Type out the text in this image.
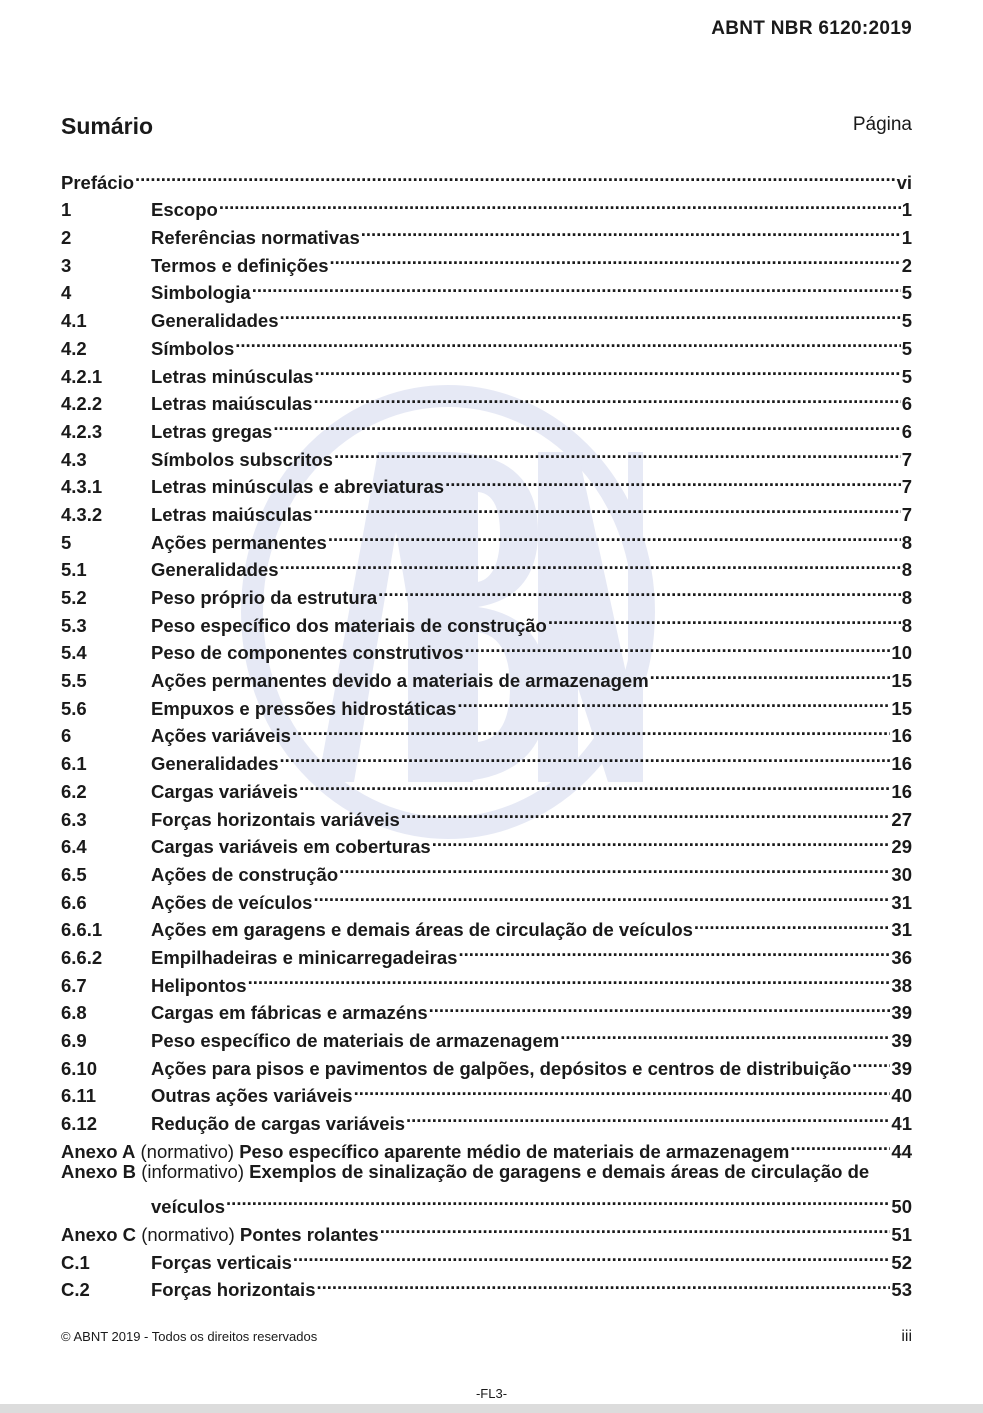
ABNT NBR 6120:2019
Sumário	Página
Prefácio .....	vi
1	Escopo .....	1
2	Referências normativas .....	1
3	Termos e definições .....	2
4	Simbologia .....	5
4.1	Generalidades .....	5
4.2	Símbolos .....	5
4.2.1	Letras minúsculas .....	5
4.2.2	Letras maiúsculas .....	6
4.2.3	Letras gregas .....	6
4.3	Símbolos subscritos .....	7
4.3.1	Letras minúsculas e abreviaturas .....	7
4.3.2	Letras maiúsculas .....	7
5	Ações permanentes .....	8
5.1	Generalidades .....	8
5.2	Peso próprio da estrutura .....	8
5.3	Peso específico dos materiais de construção .....	8
5.4	Peso de componentes construtivos .....	10
5.5	Ações permanentes devido a materiais de armazenagem .....	15
5.6	Empuxos e pressões hidrostáticas .....	15
6	Ações variáveis .....	16
6.1	Generalidades .....	16
6.2	Cargas variáveis .....	16
6.3	Forças horizontais variáveis .....	27
6.4	Cargas variáveis em coberturas .....	29
6.5	Ações de construção .....	30
6.6	Ações de veículos .....	31
6.6.1	Ações em garagens e demais áreas de circulação de veículos .....	31
6.6.2	Empilhadeiras e minicarregadeiras .....	36
6.7	Helipontos .....	38
6.8	Cargas em fábricas e armazéns .....	39
6.9	Peso específico de materiais de armazenagem .....	39
6.10	Ações para pisos e pavimentos de galpões, depósitos e centros de distribuição ..... 39
6.11	Outras ações variáveis .....	40
6.12	Redução de cargas variáveis .....	41
Anexo A (normativo) Peso específico aparente médio de materiais de armazenagem .....	44
Anexo B (informativo) Exemplos de sinalização de garagens e demais áreas de circulação de
veículos .....	50
Anexo C (normativo) Pontes rolantes .....	51
C.1	Forças verticais .....	52
C.2	Forças horizontais .....	53
© ABNT 2019 - Todos os direitos reservados	iii
-FL3-
